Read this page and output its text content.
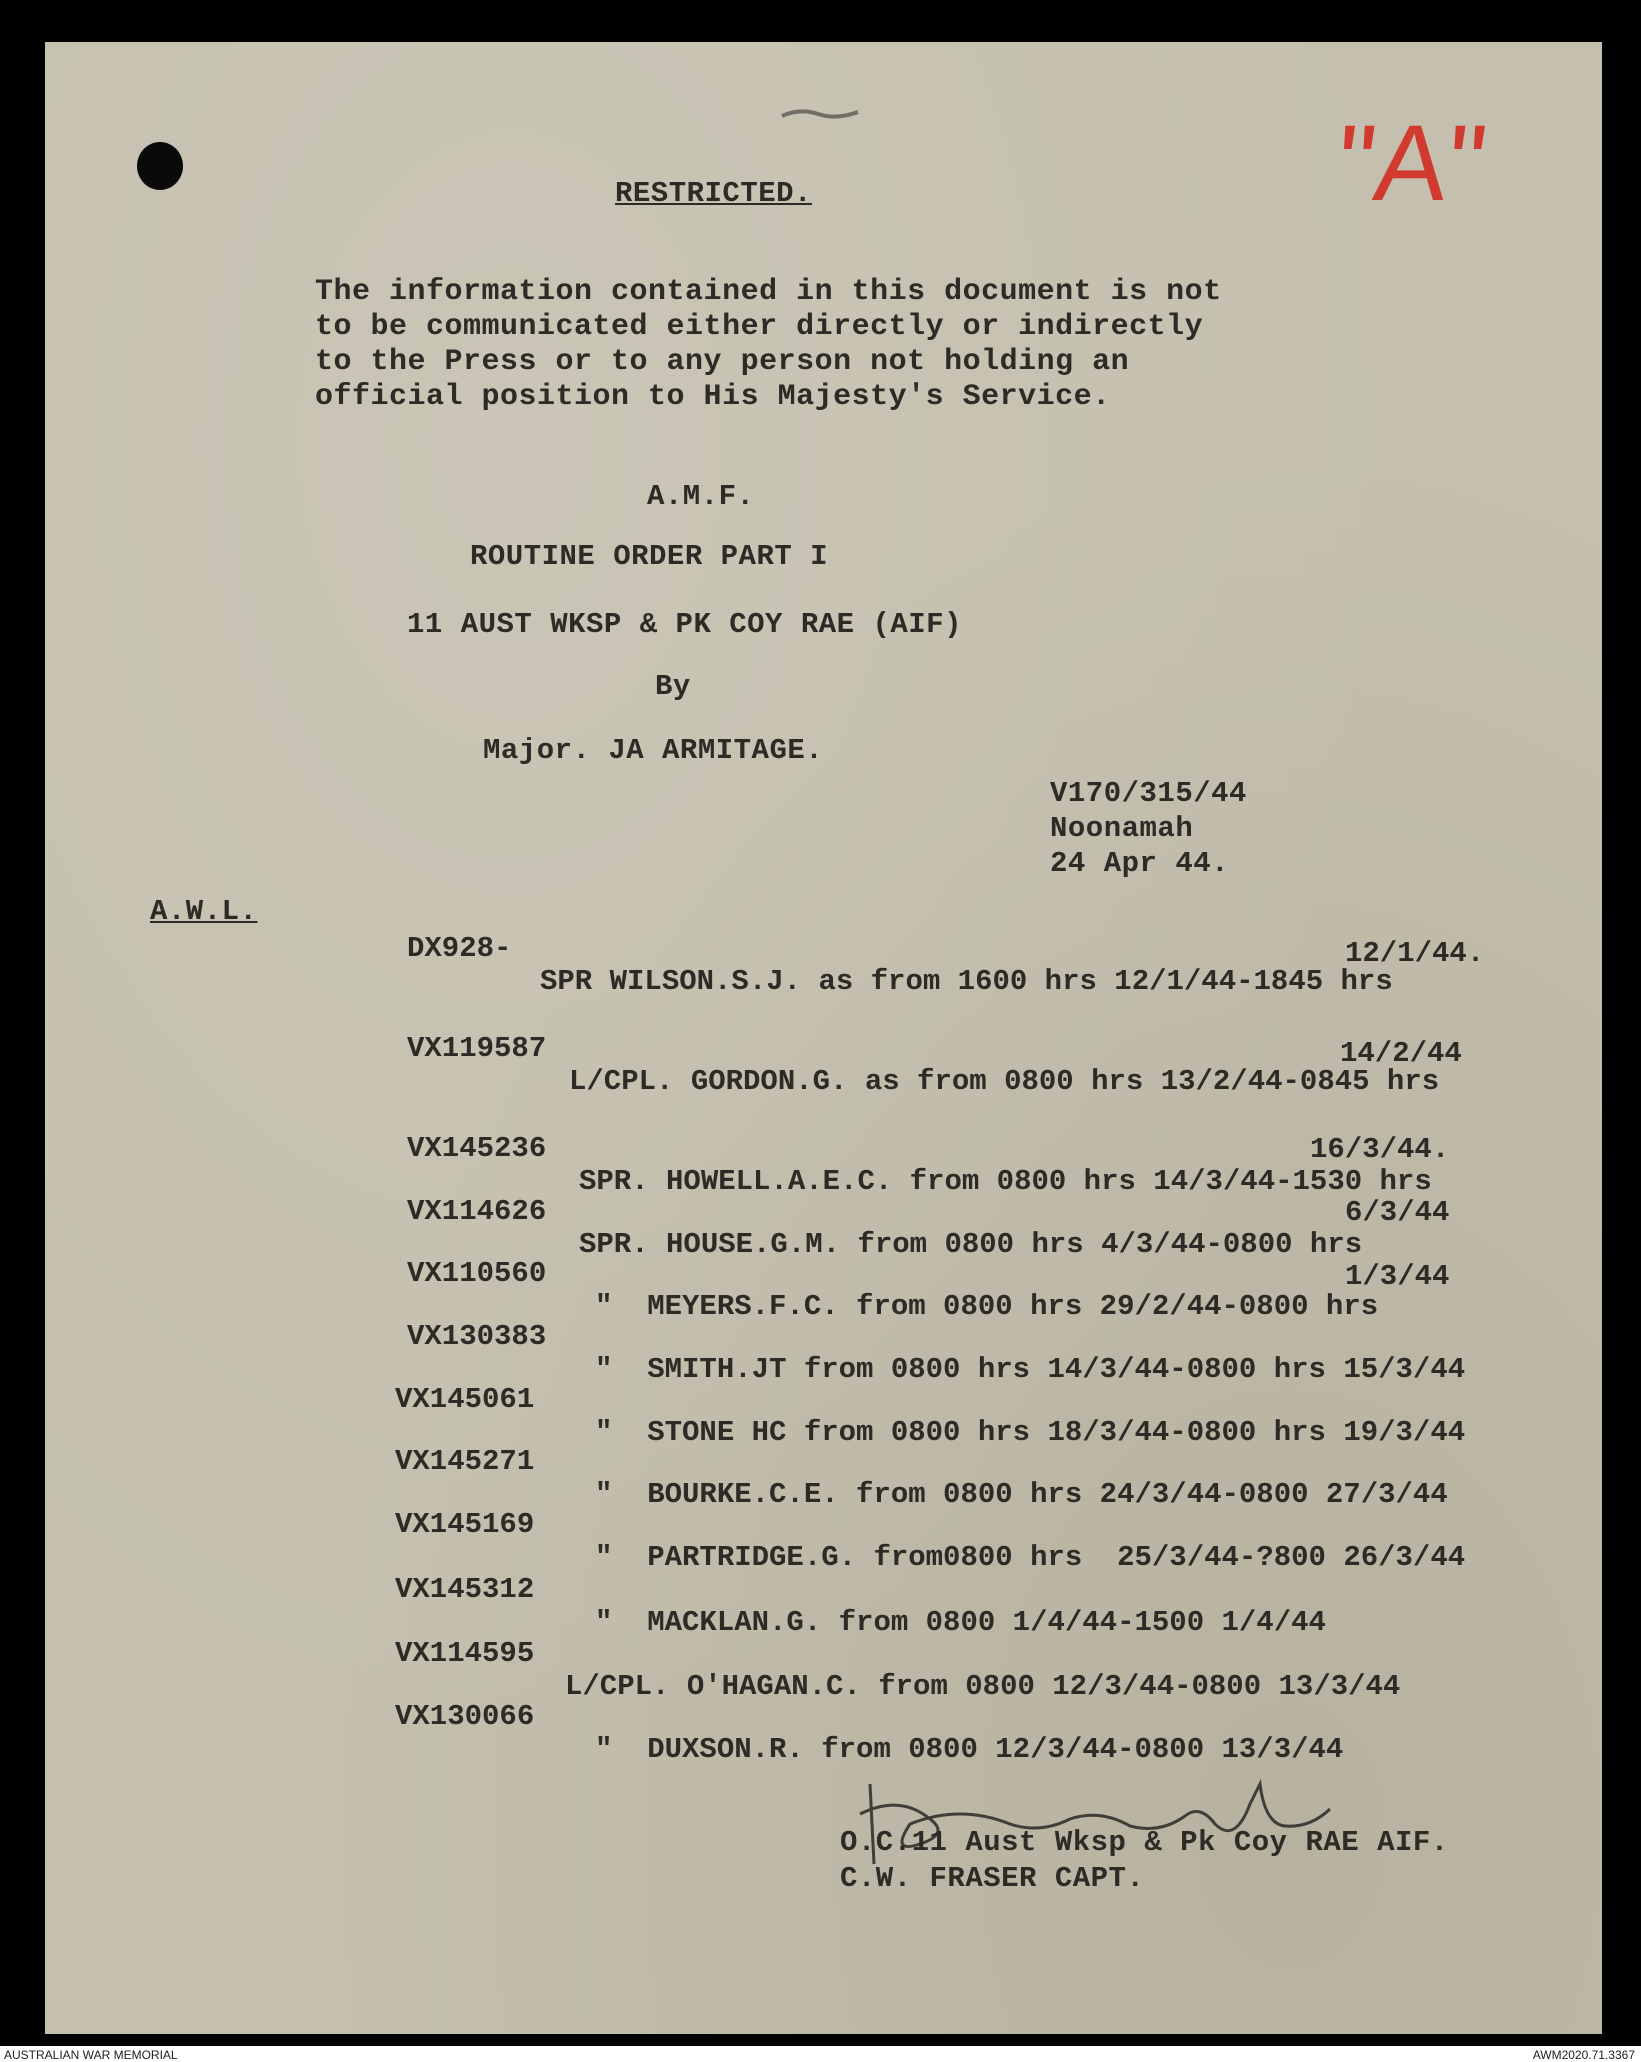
"A"
RESTRICTED.
The information contained in this document is not
to be communicated either directly or indirectly
to the Press or to any person not holding an
official position to His Majesty's Service.
A.M.F.
ROUTINE ORDER PART I
11 AUST WKSP & PK COY RAE (AIF)
By
Major. JA ARMITAGE.
V170/315/44
Noonamah
24 Apr 44.
A.W.L.

DX928-

SPR WILSON.S.J. as from 1600 hrs 12/1/44-1845 hrs

12/1/44.

VX119587

L/CPL. GORDON.G. as from 0800 hrs 13/2/44-0845 hrs

14/2/44

VX145236

SPR. HOWELL.A.E.C. from 0800 hrs 14/3/44-1530 hrs

16/3/44.

VX114626

SPR. HOUSE.G.M. from 0800 hrs 4/3/44-0800 hrs

6/3/44

VX110560

"  MEYERS.F.C. from 0800 hrs 29/2/44-0800 hrs

1/3/44

VX130383

"  SMITH.JT from 0800 hrs 14/3/44-0800 hrs 15/3/44

VX145061

"  STONE HC from 0800 hrs 18/3/44-0800 hrs 19/3/44

VX145271

"  BOURKE.C.E. from 0800 hrs 24/3/44-0800 27/3/44

VX145169

"  PARTRIDGE.G. from0800 hrs  25/3/44-?800 26/3/44

VX145312

"  MACKLAN.G. from 0800 1/4/44-1500 1/4/44

VX114595

L/CPL. O'HAGAN.C. from 0800 12/3/44-0800 13/3/44

VX130066

"  DUXSON.R. from 0800 12/3/44-0800 13/3/44

O.C.11 Aust Wksp & Pk Coy RAE AIF.
C.W. FRASER CAPT.
AUSTRALIAN WAR MEMORIAL	AWM2020.71.3367
